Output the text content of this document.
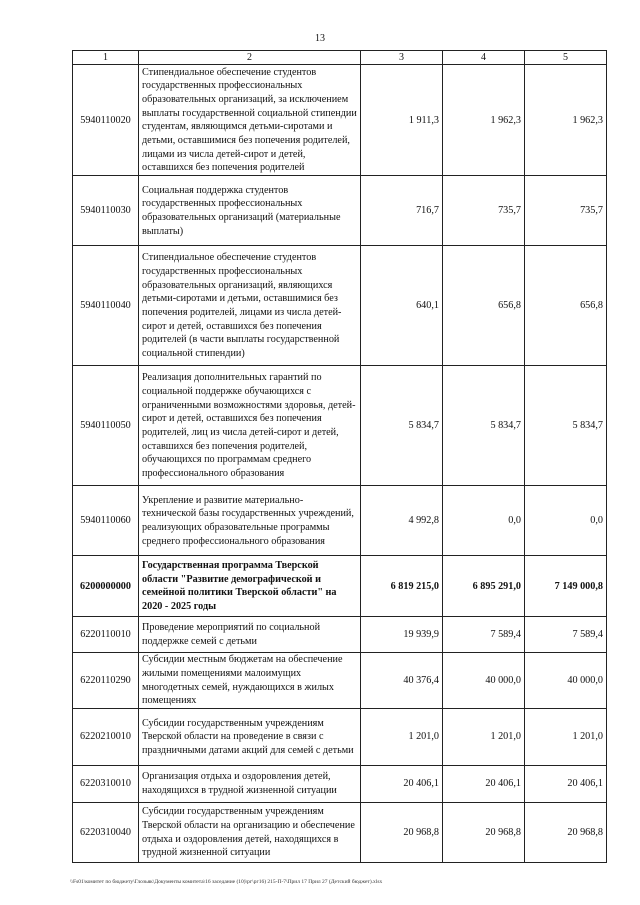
13
1	2	3	4	5
5940110020	Стипендиальное обеспечение студентов государственных профессиональных образовательных организаций, за исключением выплаты государственной социальной стипендии студентам, являющимся детьми-сиротами и детьми, оставшимися без попечения родителей, лицами из числа детей-сирот и детей, оставшихся без попечения родителей	1 911,3	1 962,3	1 962,3
5940110030	Социальная поддержка студентов государственных профессиональных образовательных организаций (материальные выплаты)	716,7	735,7	735,7
5940110040	Стипендиальное обеспечение студентов государственных профессиональных образовательных организаций, являющихся детьми-сиротами и детьми, оставшимися без попечения родителей, лицами из числа детей-сирот и детей, оставшихся без попечения родителей (в части выплаты государственной социальной стипендии)	640,1	656,8	656,8
5940110050	Реализация дополнительных гарантий по социальной поддержке обучающихся с ограниченными возможностями здоровья, детей-сирот и детей, оставшихся без попечения родителей, лиц из числа детей-сирот и детей, оставшихся без попечения родителей, обучающихся по программам среднего профессионального образования	5 834,7	5 834,7	5 834,7
5940110060	Укрепление и развитие материально-технической базы государственных учреждений, реализующих образовательные программы среднего профессионального образования	4 992,8	0,0	0,0
6200000000	Государственная программа Тверской области "Развитие демографической и семейной политики Тверской области" на 2020 - 2025 годы	6 819 215,0	6 895 291,0	7 149 000,8
6220110010	Проведение мероприятий по социальной поддержке семей с детьми	19 939,9	7 589,4	7 589,4
6220110290	Субсидии местным бюджетам на обеспечение жилыми помещениями малоимущих многодетных семей, нуждающихся в жилых помещениях	40 376,4	40 000,0	40 000,0
6220210010	Субсидии государственным учреждениям Тверской области на проведение в связи с праздничными датами акций для семей с детьми	1 201,0	1 201,0	1 201,0
6220310010	Организация отдыха и оздоровления детей, находящихся в трудной жизненной ситуации	20 406,1	20 406,1	20 406,1
6220310040	Субсидии государственным учреждениям Тверской области на организацию и обеспечение отдыха и оздоровления детей, находящихся в трудной жизненной ситуации	20 968,8	20 968,8	20 968,8
\\Fs01\комитет по бюджету\Глозьяк\Документы комитета\16 заседание (10)\рг\рг16) 215-П-7\Прил 17 Прил 27 (Детский бюджет).xlsx
